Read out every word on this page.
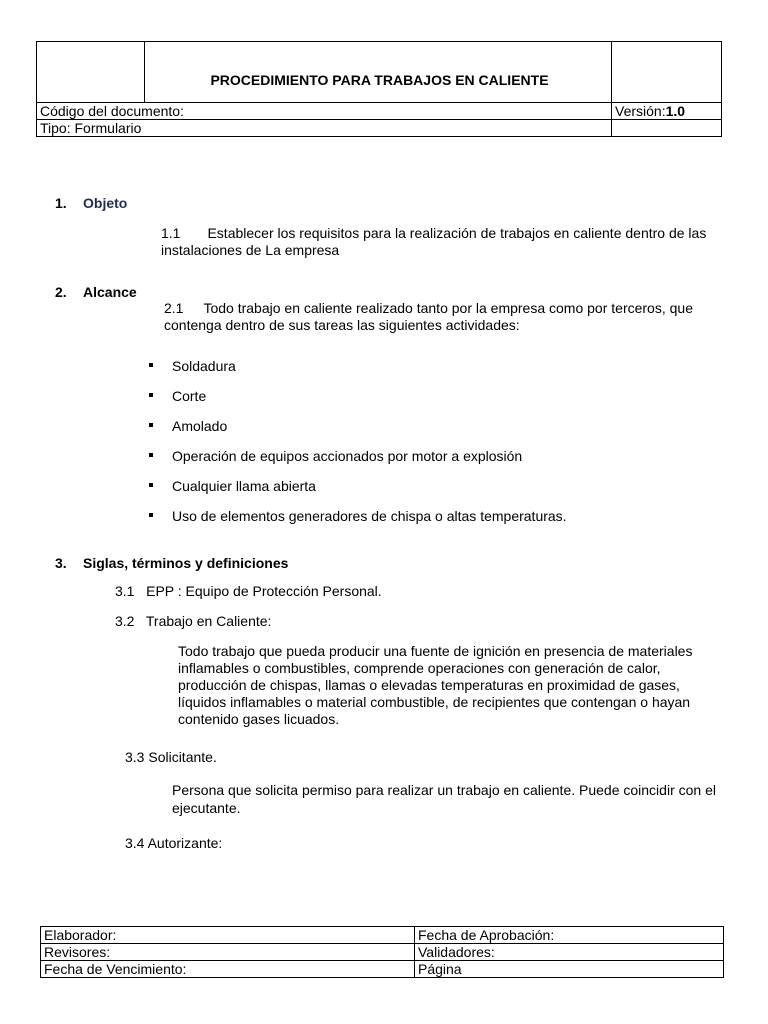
	PROCEDIMIENTO PARA TRABAJOS EN CALIENTE	
Código del documento:		Versión:1.0
Tipo: Formulario		
1. Objeto
1.1 Establecer los requisitos para la realización de trabajos en caliente dentro de las instalaciones de La empresa
2. Alcance
2.1 Todo trabajo en caliente realizado tanto por la empresa como por terceros, que contenga dentro de sus tareas las siguientes actividades:
Soldadura
Corte
Amolado
Operación de equipos accionados por motor a explosión
Cualquier llama abierta
Uso de elementos generadores de chispa o altas temperaturas.
3. Siglas, términos y definiciones
3.1   EPP : Equipo de Protección Personal.
3.2   Trabajo en Caliente:
Todo trabajo que pueda producir una fuente de ignición en presencia de materiales inflamables o combustibles, comprende operaciones con generación de calor, producción de chispas, llamas o elevadas temperaturas en proximidad de gases, líquidos inflamables o material combustible, de recipientes que contengan o hayan contenido gases licuados.
3.3 Solicitante.
Persona que solicita permiso para realizar un trabajo en caliente. Puede coincidir con el ejecutante.
3.4 Autorizante:
Elaborador:	Fecha de Aprobación:
Revisores:	Validadores:
Fecha de Vencimiento:	Página
